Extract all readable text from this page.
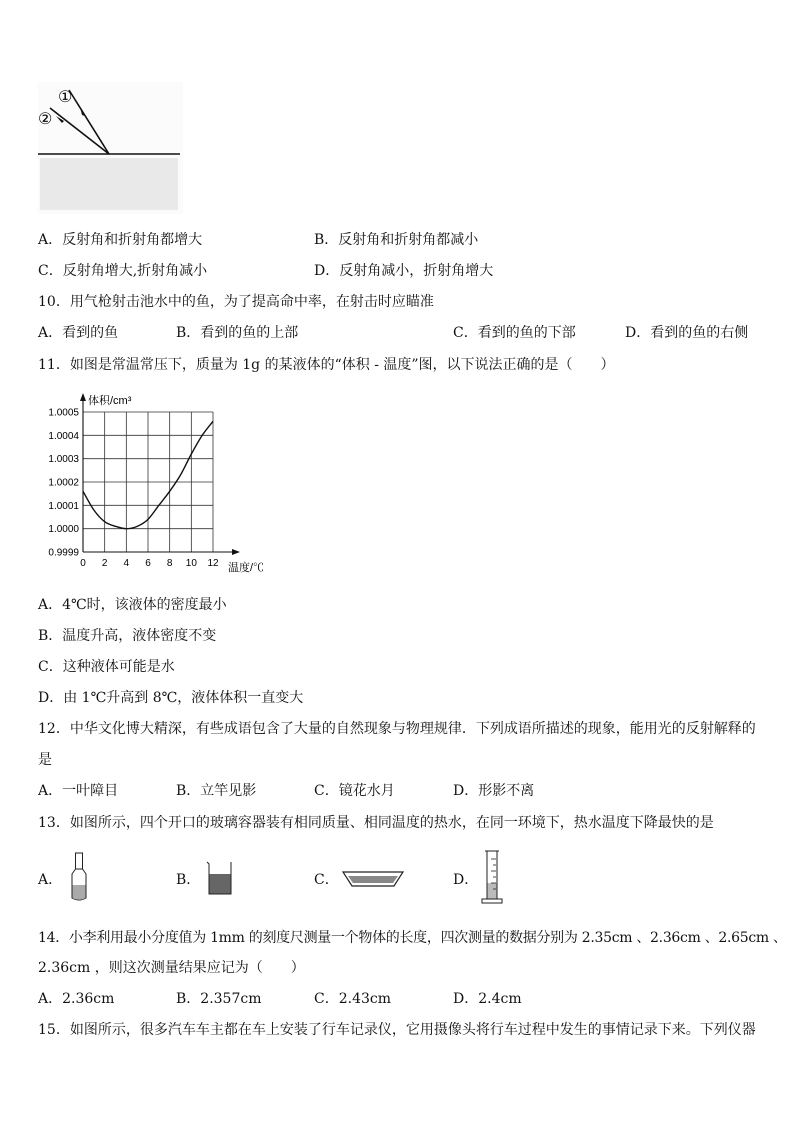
①
②
A．反射角和折射角都增大	B．反射角和折射角都减小
C．反射角增大,折射角减小	D．反射角减小，折射角增大
10．用气枪射击池水中的鱼，为了提高命中率，在射击时应瞄准
A．看到的鱼	B．看到的鱼的上部	C．看到的鱼的下部	D．看到的鱼的右侧
11．如图是常温常压下，质量为 1g 的某液体的“体积 - 温度”图，以下说法正确的是（　　）
0 2 4 6 8 10 12
0.9999
1.0000
1.0001
1.0002
1.0003
1.0004
1.0005
体积/cm³
温度/℃
A．4℃时，该液体的密度最小
B．温度升高，液体密度不变
C．这种液体可能是水
D．由 1℃升高到 8℃，液体体积一直变大
12．中华文化博大精深，有些成语包含了大量的自然现象与物理规律．下列成语所描述的现象，能用光的反射解释的
是
A．一叶障目	B．立竿见影	C．镜花水月	D．形影不离
13．如图所示，四个开口的玻璃容器装有相同质量、相同温度的热水，在同一环境下，热水温度下降最快的是
A．	B．	C．	D．
14．小李利用最小分度值为 1mm 的刻度尺测量一个物体的长度，四次测量的数据分别为 2.35cm 、2.36cm 、2.65cm 、
2.36cm ，则这次测量结果应记为（　　）
A．2.36cm	B．2.357cm	C．2.43cm	D．2.4cm
15．如图所示，很多汽车车主都在车上安装了行车记录仪，它用摄像头将行车过程中发生的事情记录下来。下列仪器
